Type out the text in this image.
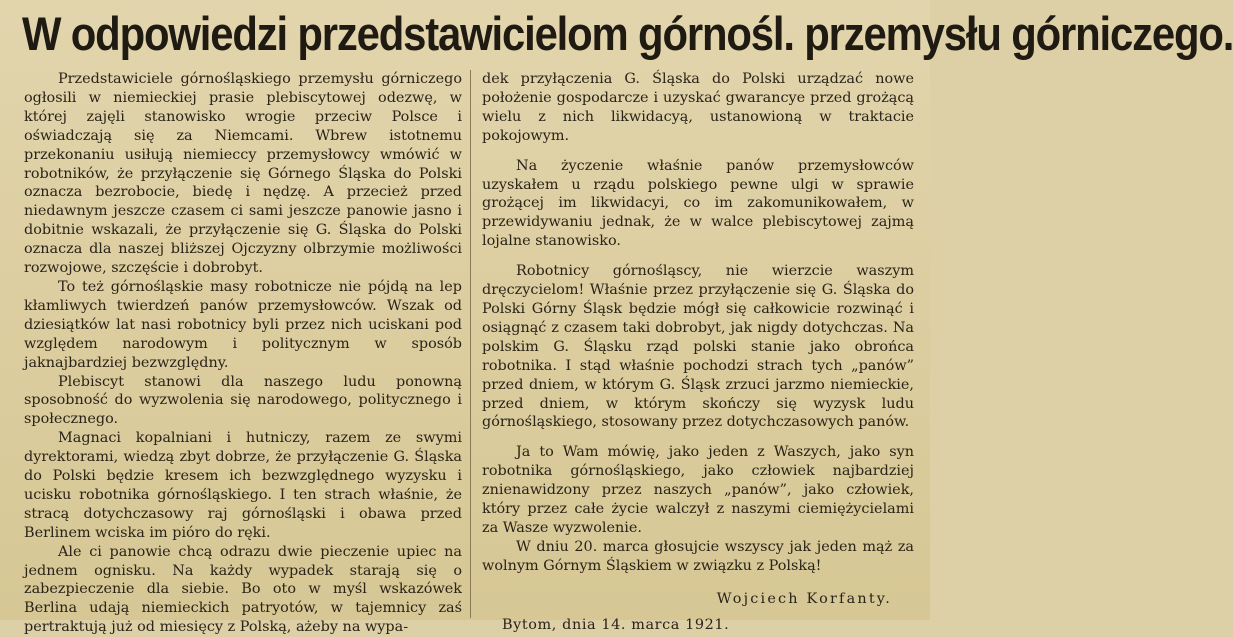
W odpowiedzi przedstawicielom górnośl. przemysłu górniczego.

Przedstawiciele górnośląskiego przemysłu górniczego ogłosili w niemieckiej prasie plebiscytowej odezwę, w której zajęli stanowisko wrogie przeciw Polsce i oświadczają się za Niemcami. Wbrew istotnemu przekonaniu usiłują niemieccy przemysłowcy wmówić w robotników, że przyłączenie się Górnego Śląska do Polski oznacza bezrobocie, biedę i nędzę. A przecież przed niedawnym jeszcze czasem ci sami jeszcze panowie jasno i dobitnie wskazali, że przyłączenie się G. Śląska do Polski oznacza dla naszej bliższej Ojczyzny olbrzymie możliwości rozwojowe, szczęście i dobrobyt.

To też górnośląskie masy robotnicze nie pójdą na lep kłamliwych twierdzeń panów przemysłowców. Wszak od dziesiątków lat nasi robotnicy byli przez nich uciskani pod względem narodowym i politycznym w sposób jaknajbardziej bezwzględny.

Plebiscyt stanowi dla naszego ludu ponowną sposobność do wyzwolenia się narodowego, politycznego i społecznego.

Magnaci kopalniani i hutniczy, razem ze swymi dyrektorami, wiedzą zbyt dobrze, że przyłączenie G. Śląska do Polski będzie kresem ich bezwzględnego wyzysku i ucisku robotnika górnośląskiego. I ten strach właśnie, że stracą dotychczasowy raj górnośląski i obawa przed Berlinem wciska im pióro do ręki.

Ale ci panowie chcą odrazu dwie pieczenie upiec na jednem ognisku. Na każdy wypadek starają się o zabezpieczenie dla siebie. Bo oto w myśl wskazówek Berlina udają niemieckich patryotów, w tajemnicy zaś pertraktują już od miesięcy z Polską, ażeby na wypa-

dek przyłączenia G. Śląska do Polski urządzać nowe położenie gospodarcze i uzyskać gwarancye przed grożącą wielu z nich likwidacyą, ustanowioną w traktacie pokojowym.

Na życzenie właśnie panów przemysłowców uzyskałem u rządu polskiego pewne ulgi w sprawie grożącej im likwidacyi, co im zakomunikowałem, w przewidywaniu jednak, że w walce plebiscytowej zajmą lojalne stanowisko.

Robotnicy górnośląscy, nie wierzcie waszym dręczycielom! Właśnie przez przyłączenie się G. Śląska do Polski Górny Śląsk będzie mógł się całkowicie rozwinąć i osiągnąć z czasem taki dobrobyt, jak nigdy dotychczas. Na polskim G. Śląsku rząd polski stanie jako obrońca robotnika. I stąd właśnie pochodzi strach tych „panów” przed dniem, w którym G. Śląsk zrzuci jarzmo niemieckie, przed dniem, w którym skończy się wyzysk ludu górnośląskiego, stosowany przez dotychczasowych panów.

Ja to Wam mówię, jako jeden z Waszych, jako syn robotnika górnośląskiego, jako człowiek najbardziej znienawidzony przez naszych „panów”, jako człowiek, który przez całe życie walczył z naszymi ciemiężycielami za Wasze wyzwolenie.

W dniu 20. marca głosujcie wszyscy jak jeden mąż za wolnym Górnym Śląskiem w związku z Polską!

Wojciech Korfanty.

Bytom, dnia 14. marca 1921.
